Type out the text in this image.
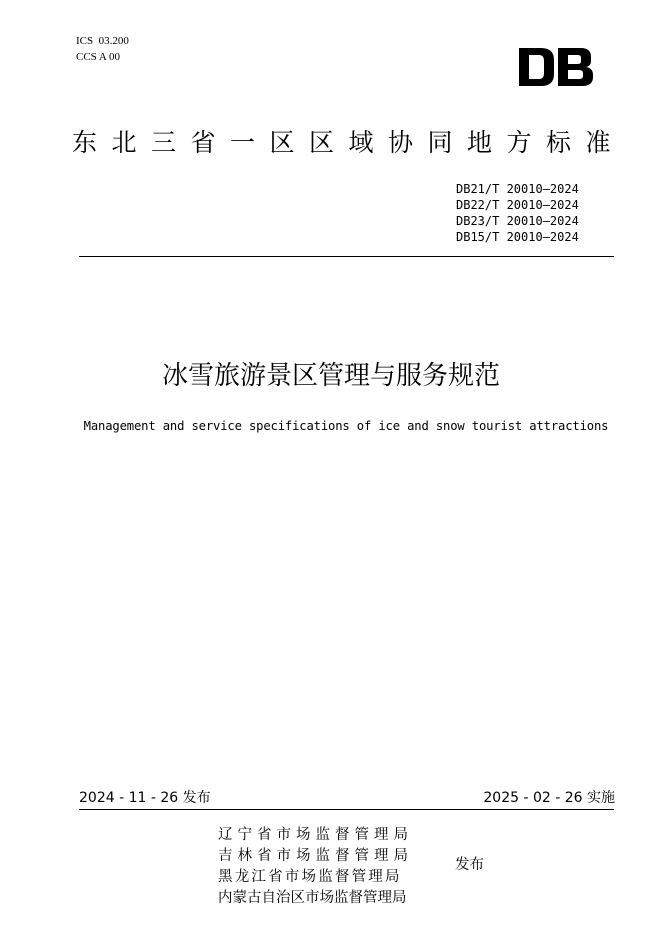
ICS  03.200
CCS A 00
东北三省一区区域协同地方标准
DB21/T 20010—2024
DB22/T 20010—2024
DB23/T 20010—2024
DB15/T 20010—2024
冰雪旅游景区管理与服务规范
Management and service specifications of ice and snow tourist attractions
2024 - 11 - 26 发布	2025 - 02 - 26 实施
辽宁省市场监督管理局
吉林省市场监督管理局
黑龙江省市场监督管理局
内蒙古自治区市场监督管理局
发布
